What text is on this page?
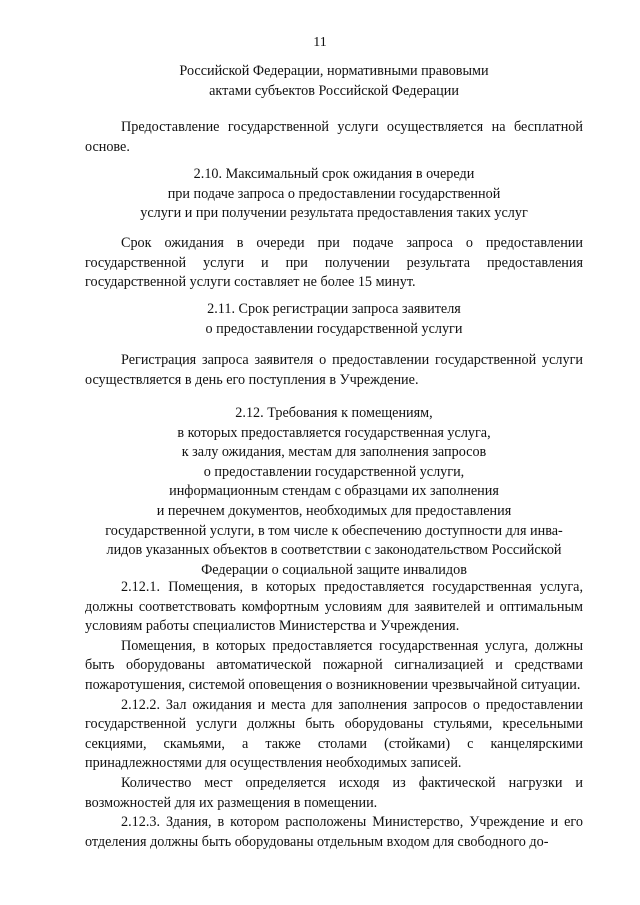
11
Российской Федерации, нормативными правовыми
актами субъектов Российской Федерации

Предоставление государственной услуги осуществляется на бесплатной основе.

2.10. Максимальный срок ожидания в очереди
при подаче запроса о предоставлении государственной
услуги и при получении результата предоставления таких услуг

Срок ожидания в очереди при подаче запроса о предоставлении государственной услуги и при получении результата предоставления государственной услуги составляет не более 15 минут.

2.11. Срок регистрации запроса заявителя
о предоставлении государственной услуги

Регистрация запроса заявителя о предоставлении государственной услуги осуществляется в день его поступления в Учреждение.

2.12. Требования к помещениям,
в которых предоставляется государственная услуга,
к залу ожидания, местам для заполнения запросов
о предоставлении государственной услуги,
информационным стендам с образцами их заполнения
и перечнем документов, необходимых для предоставления
государственной услуги, в том числе к обеспечению доступности для инва-
лидов указанных объектов в соответствии с законодательством Российской
Федерации о социальной защите инвалидов

2.12.1. Помещения, в которых предоставляется государственная услуга, должны соответствовать комфортным условиям для заявителей и оптимальным условиям работы специалистов Министерства и Учреждения.

Помещения, в которых предоставляется государственная услуга, должны быть оборудованы автоматической пожарной сигнализацией и средствами пожаротушения, системой оповещения о возникновении чрезвычайной ситуации.

2.12.2. Зал ожидания и места для заполнения запросов о предоставлении государственной услуги должны быть оборудованы стульями, кресельными секциями, скамьями, а также столами (стойками) с канцелярскими принадлежностями для осуществления необходимых записей.

Количество мест определяется исходя из фактической нагрузки и возможностей для их размещения в помещении.

2.12.3. Здания, в котором расположены Министерство, Учреждение и его отделения должны быть оборудованы отдельным входом для свободного до-
